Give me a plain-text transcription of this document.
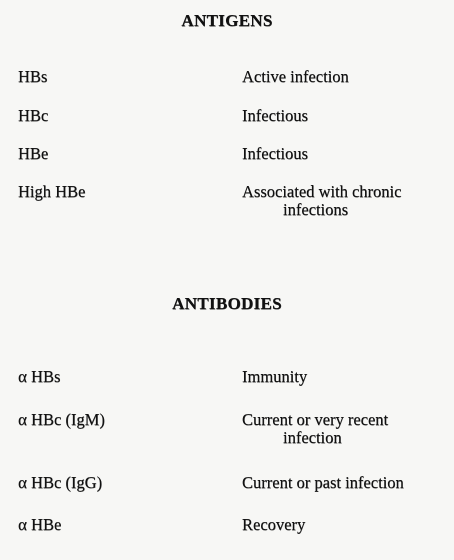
ANTIGENS
HBs	Active infection
HBc	Infectious
HBe	Infectious
High HBe	Associated with chronic
infections
ANTIBODIES
α HBs	Immunity
α HBc (IgM)	Current or very recent
infection
α HBc (IgG)	Current or past infection
α HBe	Recovery
